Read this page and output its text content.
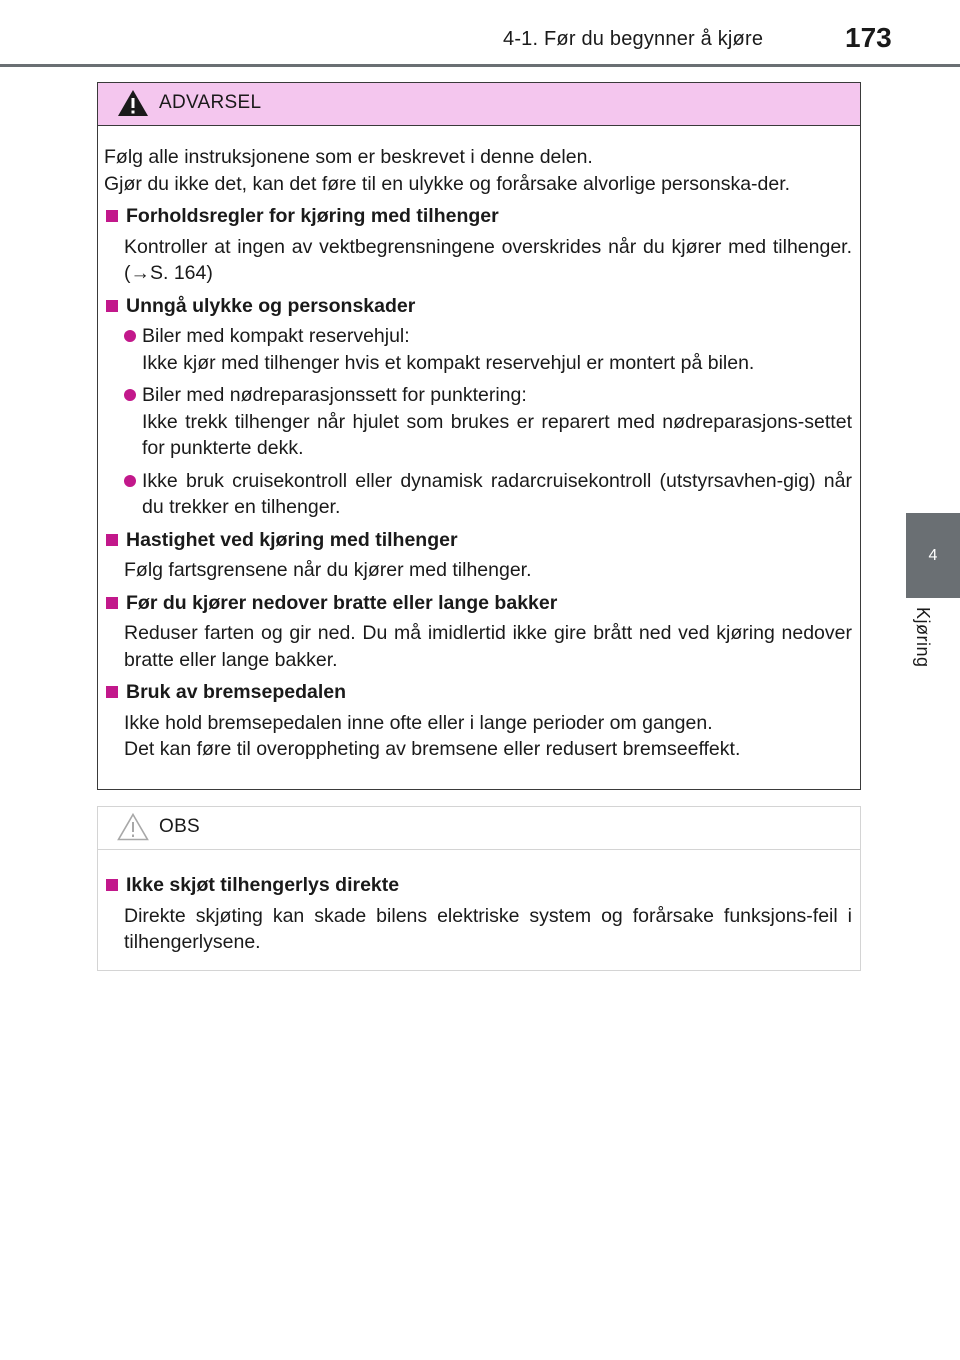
4-1. Før du begynner å kjøre	173
4
Kjøring
ADVARSEL
Følg alle instruksjonene som er beskrevet i denne delen.
Gjør du ikke det, kan det føre til en ulykke og forårsake alvorlige personska-der.
Forholdsregler for kjøring med tilhenger
Kontroller at ingen av vektbegrensningene overskrides når du kjører med tilhenger. (→S. 164)
Unngå ulykke og personskader
Biler med kompakt reservehjul:
Ikke kjør med tilhenger hvis et kompakt reservehjul er montert på bilen.
Biler med nødreparasjonssett for punktering:
Ikke trekk tilhenger når hjulet som brukes er reparert med nødreparasjons-settet for punkterte dekk.
Ikke bruk cruisekontroll eller dynamisk radarcruisekontroll (utstyrsavhen-gig) når du trekker en tilhenger.
Hastighet ved kjøring med tilhenger
Følg fartsgrensene når du kjører med tilhenger.
Før du kjører nedover bratte eller lange bakker
Reduser farten og gir ned. Du må imidlertid ikke gire brått ned ved kjøring nedover bratte eller lange bakker.
Bruk av bremsepedalen
Ikke hold bremsepedalen inne ofte eller i lange perioder om gangen.
Det kan føre til overoppheting av bremsene eller redusert bremseeffekt.
OBS
Ikke skjøt tilhengerlys direkte
Direkte skjøting kan skade bilens elektriske system og forårsake funksjons-feil i tilhengerlysene.
